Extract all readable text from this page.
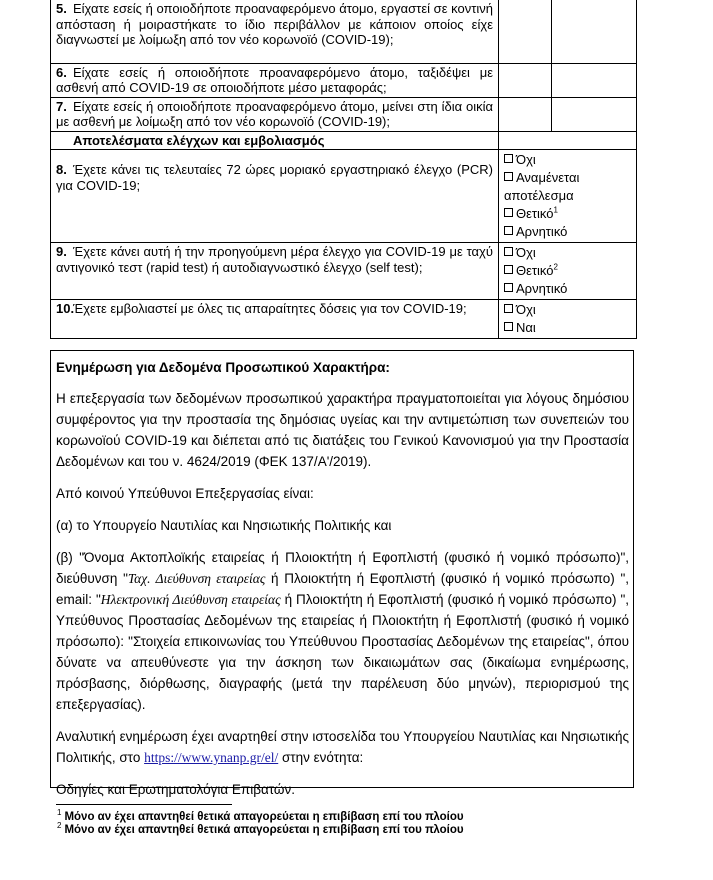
5. Είχατε εσείς ή οποιοδήποτε προαναφερόμενο άτομο, εργαστεί σε κοντινή απόσταση ή μοιραστήκατε το ίδιο περιβάλλον με κάποιον οποίος είχε διαγνωστεί με λοίμωξη από τον νέο κορωνοϊό (COVID-19);		
6. Είχατε εσείς ή οποιοδήποτε προαναφερόμενο άτομο, ταξιδέψει με ασθενή από COVID-19 σε οποιοδήποτε μέσο μεταφοράς;		
7. Είχατε εσείς ή οποιοδήποτε προαναφερόμενο άτομο, μείνει στη ίδια οικία με ασθενή με λοίμωξη από τον νέο κορωνοϊό (COVID-19);		
Αποτελέσματα ελέγχων και εμβολιασμός		
8. Έχετε κάνει τις τελευταίες 72 ώρες μοριακό εργαστηριακό έλεγχο (PCR) για COVID-19;	Όχι
Αναμένεται αποτέλεσμα
Θετικό$^1$
Αρνητικό	

9. Έχετε κάνει αυτή ή την προηγούμενη μέρα έλεγχο για COVID-19 με ταχύ αντιγονικό τεστ (rapid test) ή αυτοδιαγνωστικό έλεγχο (self test);	Όχι
Θετικό$^2$
Αρνητικό	

10.Έχετε εμβολιαστεί με όλες τις απαραίτητες δόσεις για τον COVID-19;	Όχι
Ναι	

Ενημέρωση για Δεδομένα Προσωπικού Χαρακτήρα:

Η επεξεργασία των δεδομένων προσωπικού χαρακτήρα πραγματοποιείται για λόγους δημόσιου συμφέροντος για την προστασία της δημόσιας υγείας και την αντιμετώπιση των συνεπειών του κορωνοϊού COVID-19 και διέπεται από τις διατάξεις του Γενικού Κανονισμού για την Προστασία Δεδομένων και του ν. 4624/2019 (ΦΕΚ 137/Α'/2019).

Από κοινού Υπεύθυνοι Επεξεργασίας είναι:

(α) το Υπουργείο Ναυτιλίας και Νησιωτικής Πολιτικής και

(β) "Όνομα Ακτοπλοϊκής εταιρείας ή Πλοιοκτήτη ή Εφοπλιστή (φυσικό ή νομικό πρόσωπο)", διεύθυνση "Ταχ. Διεύθυνση εταιρείας ή Πλοιοκτήτη ή Εφοπλιστή (φυσικό ή νομικό πρόσωπο) ", email: "Ηλεκτρονική Διεύθυνση εταιρείας ή Πλοιοκτήτη ή Εφοπλιστή (φυσικό ή νομικό πρόσωπο) ", Υπεύθυνος Προστασίας Δεδομένων της εταιρείας ή Πλοιοκτήτη ή Εφοπλιστή (φυσικό ή νομικό πρόσωπο): "Στοιχεία επικοινωνίας του Υπεύθυνου Προστασίας Δεδομένων της εταιρείας", όπου δύνατε να απευθύνεστε για την άσκηση των δικαιωμάτων σας (δικαίωμα ενημέρωσης, πρόσβασης, διόρθωσης, διαγραφής (μετά την παρέλευση δύο μηνών), περιορισμού της επεξεργασίας).

Αναλυτική ενημέρωση έχει αναρτηθεί στην ιστοσελίδα του Υπουργείου Ναυτιλίας και Νησιωτικής Πολιτικής, στο https://www.ynanp.gr/el/ στην ενότητα:

Οδηγίες και Ερωτηματολόγια Επιβατών.

$^1$ Μόνο αν έχει απαντηθεί θετικά απαγορεύεται η επιβίβαση επί του πλοίου
$^2$ Μόνο αν έχει απαντηθεί θετικά απαγορεύεται η επιβίβαση επί του πλοίου
